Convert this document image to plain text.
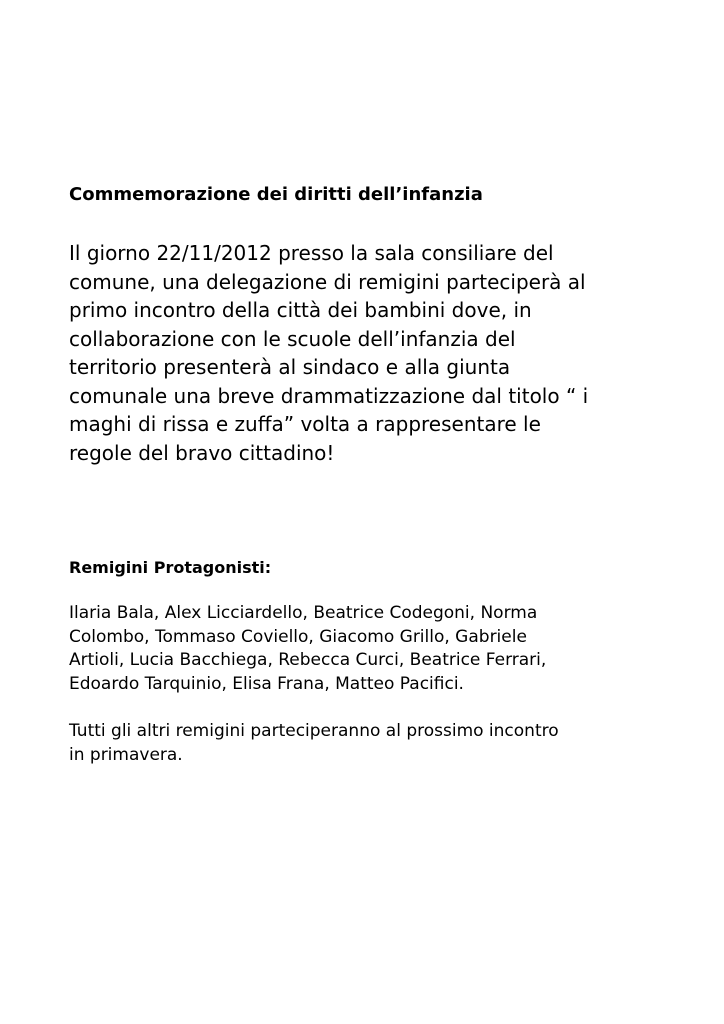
Commemorazione dei diritti dell’infanzia

Il giorno 22/11/2012 presso la sala consiliare del
comune, una delegazione di remigini parteciperà al
primo incontro della città dei bambini dove, in
collaborazione con le scuole dell’infanzia del
territorio presenterà al sindaco e alla giunta
comunale una breve drammatizzazione dal titolo “ i
maghi di rissa e zuffa” volta a rappresentare le
regole del bravo cittadino!

Remigini Protagonisti:

Ilaria Bala, Alex Licciardello, Beatrice Codegoni, Norma
Colombo, Tommaso Coviello, Giacomo Grillo, Gabriele
Artioli, Lucia Bacchiega, Rebecca Curci, Beatrice Ferrari,
Edoardo Tarquinio, Elisa Frana, Matteo Pacifici.

Tutti gli altri remigini parteciperanno al prossimo incontro
in primavera.
